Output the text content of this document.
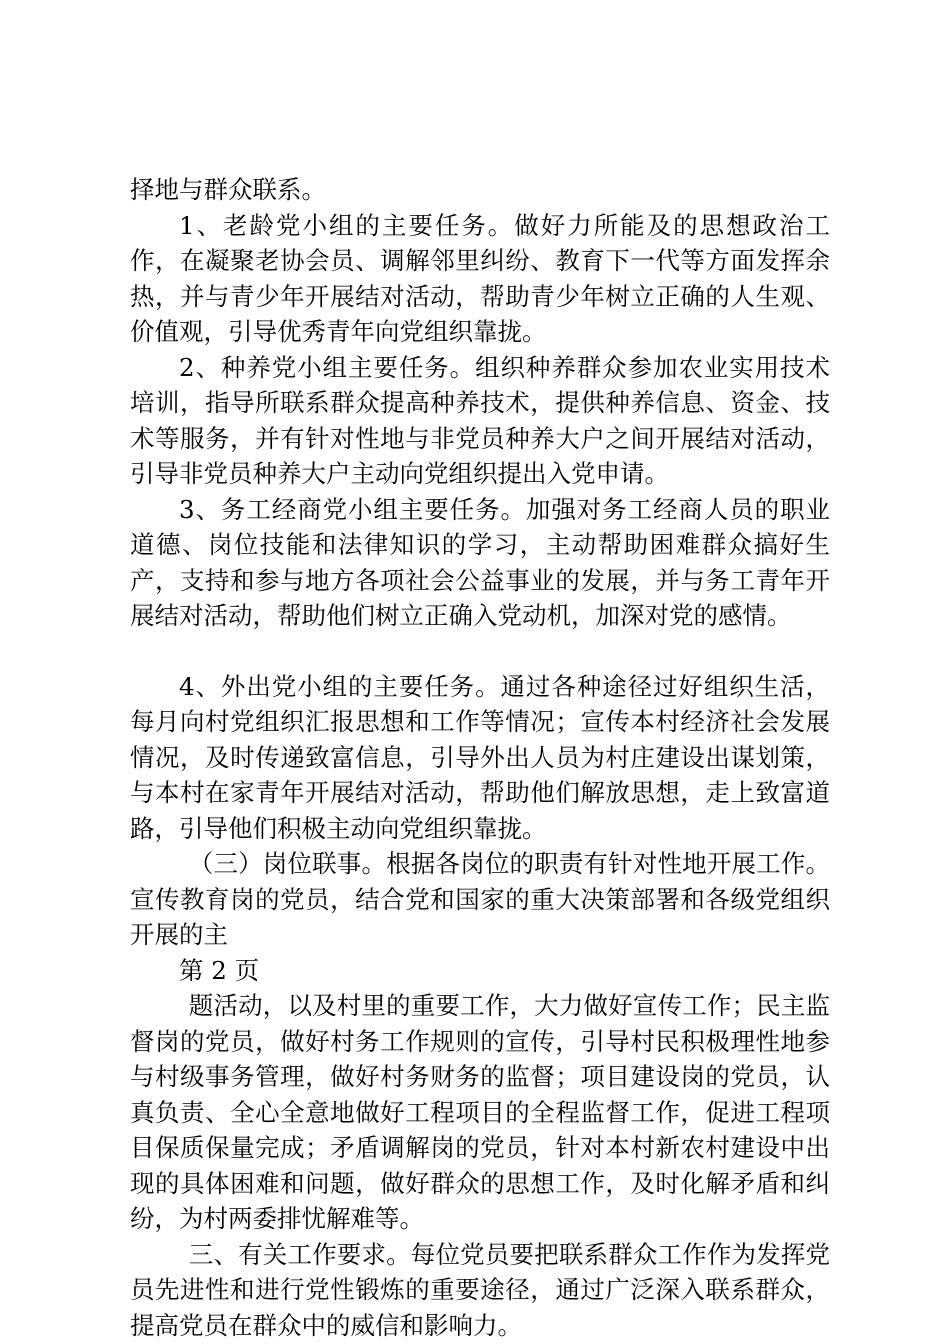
择地与群众联系。

1、老龄党小组的主要任务。做好力所能及的思想政治工作，在凝聚老协会员、调解邻里纠纷、教育下一代等方面发挥余热，并与青少年开展结对活动，帮助青少年树立正确的人生观、价值观，引导优秀青年向党组织靠拢。

2、种养党小组主要任务。组织种养群众参加农业实用技术培训，指导所联系群众提高种养技术，提供种养信息、资金、技术等服务，并有针对性地与非党员种养大户之间开展结对活动，引导非党员种养大户主动向党组织提出入党申请。

3、务工经商党小组主要任务。加强对务工经商人员的职业道德、岗位技能和法律知识的学习，主动帮助困难群众搞好生产，支持和参与地方各项社会公益事业的发展，并与务工青年开展结对活动，帮助他们树立正确入党动机，加深对党的感情。

4、外出党小组的主要任务。通过各种途径过好组织生活，每月向村党组织汇报思想和工作等情况；宣传本村经济社会发展情况，及时传递致富信息，引导外出人员为村庄建设出谋划策，与本村在家青年开展结对活动，帮助他们解放思想，走上致富道路，引导他们积极主动向党组织靠拢。

（三）岗位联事。根据各岗位的职责有针对性地开展工作。宣传教育岗的党员，结合党和国家的重大决策部署和各级党组织开展的主

第 2 页

题活动，以及村里的重要工作，大力做好宣传工作；民主监督岗的党员，做好村务工作规则的宣传，引导村民积极理性地参与村级事务管理，做好村务财务的监督；项目建设岗的党员，认真负责、全心全意地做好工程项目的全程监督工作，促进工程项目保质保量完成；矛盾调解岗的党员，针对本村新农村建设中出现的具体困难和问题，做好群众的思想工作，及时化解矛盾和纠纷，为村两委排忧解难等。

三、有关工作要求。每位党员要把联系群众工作作为发挥党员先进性和进行党性锻炼的重要途径，通过广泛深入联系群众，提高党员在群众中的威信和影响力。
